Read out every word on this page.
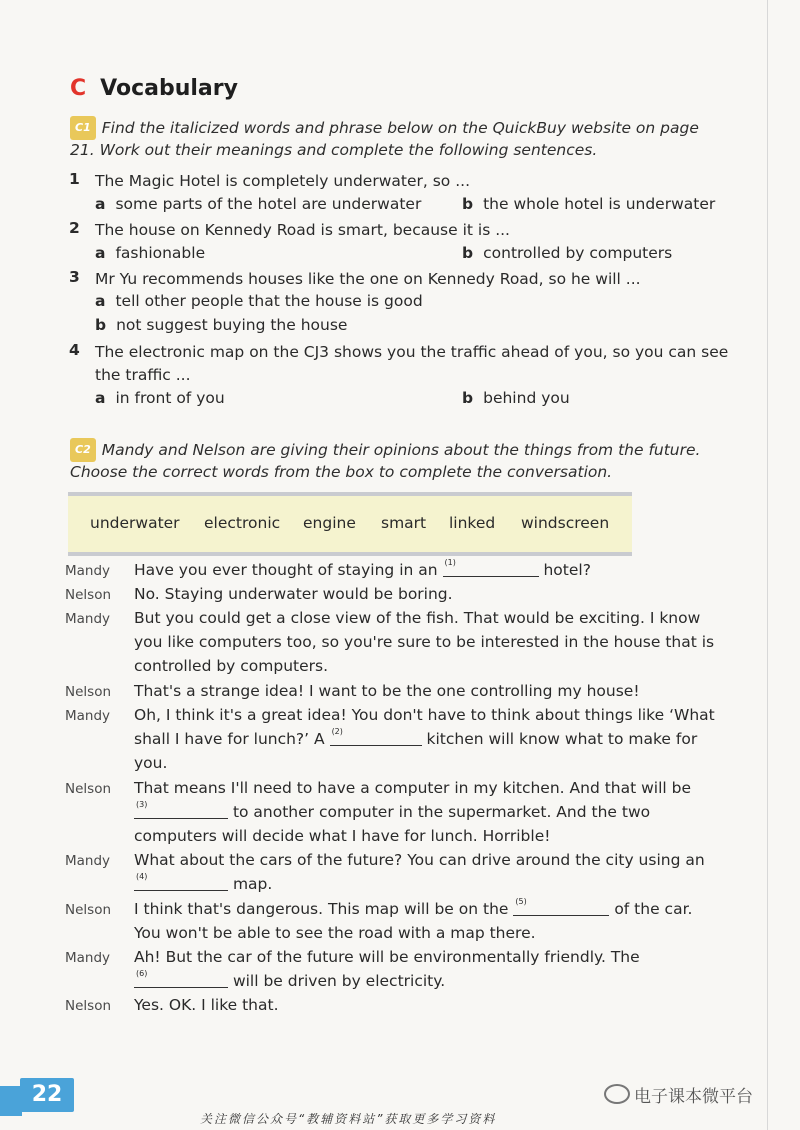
C Vocabulary
C1 Find the italicized words and phrase below on the QuickBuy website on page
21. Work out their meanings and complete the following sentences.
1 The Magic Hotel is completely underwater, so ...
a some parts of the hotel are underwater	b the whole hotel is underwater
2 The house on Kennedy Road is smart, because it is ...
a fashionable	b controlled by computers
3 Mr Yu recommends houses like the one on Kennedy Road, so he will ...
a tell other people that the house is good
b not suggest buying the house
4 The electronic map on the CJ3 shows you the traffic ahead of you, so you can see
the traffic ...
a in front of you	b behind you
C2 Mandy and Nelson are giving their opinions about the things from the future.
Choose the correct words from the box to complete the conversation.
underwater electronic engine smart linked windscreen
Mandy Have you ever thought of staying in an (1)	hotel?
Nelson No. Staying underwater would be boring.
Mandy But you could get a close view of the fish. That would be exciting. I know
you like computers too, so you're sure to be interested in the house that is
controlled by computers.
Nelson That's a strange idea! I want to be the one controlling my house!
Mandy Oh, I think it's a great idea! You don't have to think about things like ‘What
shall I have for lunch?’ A (2)	kitchen will know what to make for
you.
Nelson That means I'll need to have a computer in my kitchen. And that will be
(3)	to another computer in the supermarket. And the two
computers will decide what I have for lunch. Horrible!
Mandy What about the cars of the future? You can drive around the city using an
(4)	map.
Nelson I think that's dangerous. This map will be on the (5)	of the car.
You won't be able to see the road with a map there.
Mandy Ah! But the car of the future will be environmentally friendly. The
(6)	will be driven by electricity.
Nelson Yes. OK. I like that.
22	电子课本微平台
关注微信公众号“教辅资料站”获取更多学习资料
